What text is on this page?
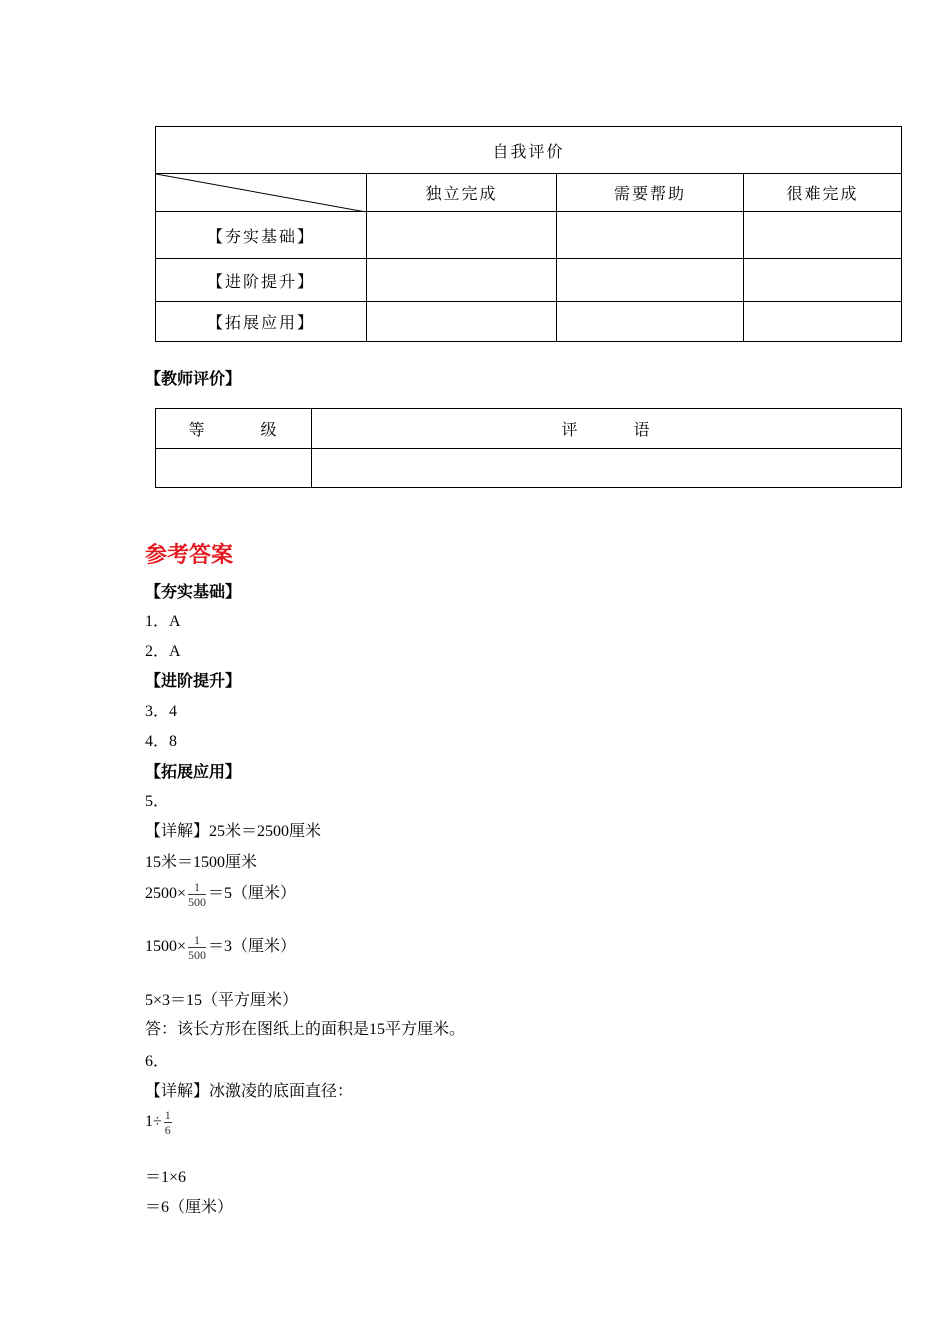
自我评价			

	独立完成	需要帮助	很难完成
【夯实基础】			
【进阶提升】			
【拓展应用】			
【教师评价】
等　　　级	评　　　语

参考答案
【夯实基础】
1．A
2．A
【进阶提升】
3．4
4．8
【拓展应用】
5．
【详解】25米＝2500厘米
15米＝1500厘米
$2500\times \frac{1}{500} =5$（厘米）
$1500\times \frac{1}{500} =3$（厘米）
5×3＝15（平方厘米）
答：该长方形在图纸上的面积是15平方厘米。
6．
【详解】冰激凌的底面直径：
$1\div \frac{1}{6}$
＝1×6
＝6（厘米）
